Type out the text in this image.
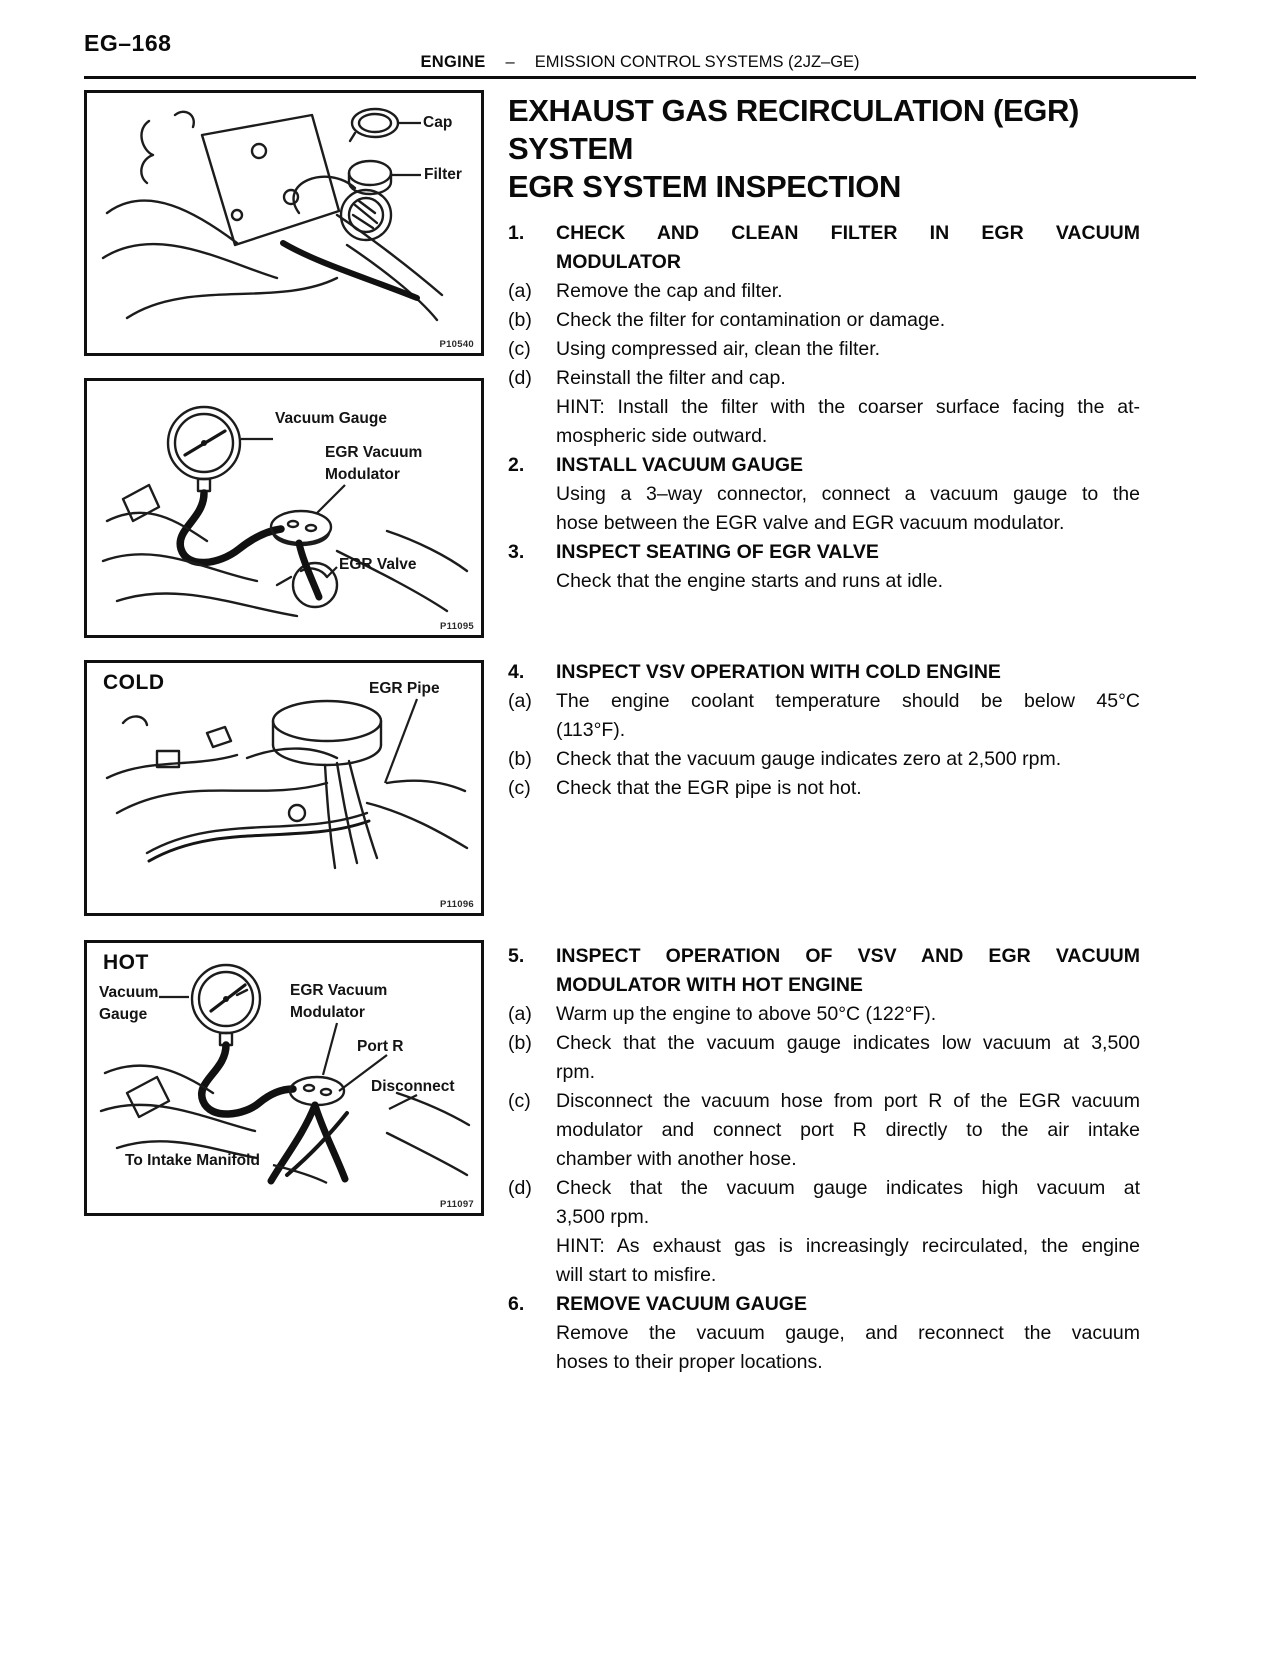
EG–168
ENGINE – EMISSION CONTROL SYSTEMS (2JZ–GE)
Cap
Filter
P10540
Vacuum Gauge
EGR Vacuum
Modulator
EGR Valve
P11095
COLD	EGR Pipe
P11096
HOT
Vacuum
Gauge
EGR Vacuum
Modulator
Port R
Disconnect
To Intake Manifold
P11097
EXHAUST GAS RECIRCULATION (EGR)
SYSTEM
EGR SYSTEM INSPECTION
1.	CHECK AND CLEAN FILTER IN EGR VACUUM
MODULATOR
(a)	Remove the cap and filter.
(b)	Check the filter for contamination or damage.
(c)	Using compressed air, clean the filter.
(d)	Reinstall the filter and cap.
HINT: Install the filter with the coarser surface facing the at-
mospheric side outward.
2.	INSTALL VACUUM GAUGE
Using a 3–way connector, connect a vacuum gauge to the
hose between the EGR valve and EGR vacuum modulator.
3.	INSPECT SEATING OF EGR VALVE
Check that the engine starts and runs at idle.
4.	INSPECT VSV OPERATION WITH COLD ENGINE
(a)	The engine coolant temperature should be below 45°C
(113°F).
(b)	Check that the vacuum gauge indicates zero at 2,500 rpm.
(c)	Check that the EGR pipe is not hot.
5.	INSPECT OPERATION OF VSV AND EGR VACUUM
MODULATOR WITH HOT ENGINE
(a)	Warm up the engine to above 50°C (122°F).
(b)	Check that the vacuum gauge indicates low vacuum at 3,500
rpm.
(c)	Disconnect the vacuum hose from port R of the EGR vacuum
modulator and connect port R directly to the air intake
chamber with another hose.
(d)	Check that the vacuum gauge indicates high vacuum at
3,500 rpm.
HINT: As exhaust gas is increasingly recirculated, the engine
will start to misfire.
6.	REMOVE VACUUM GAUGE
Remove the vacuum gauge, and reconnect the vacuum
hoses to their proper locations.
